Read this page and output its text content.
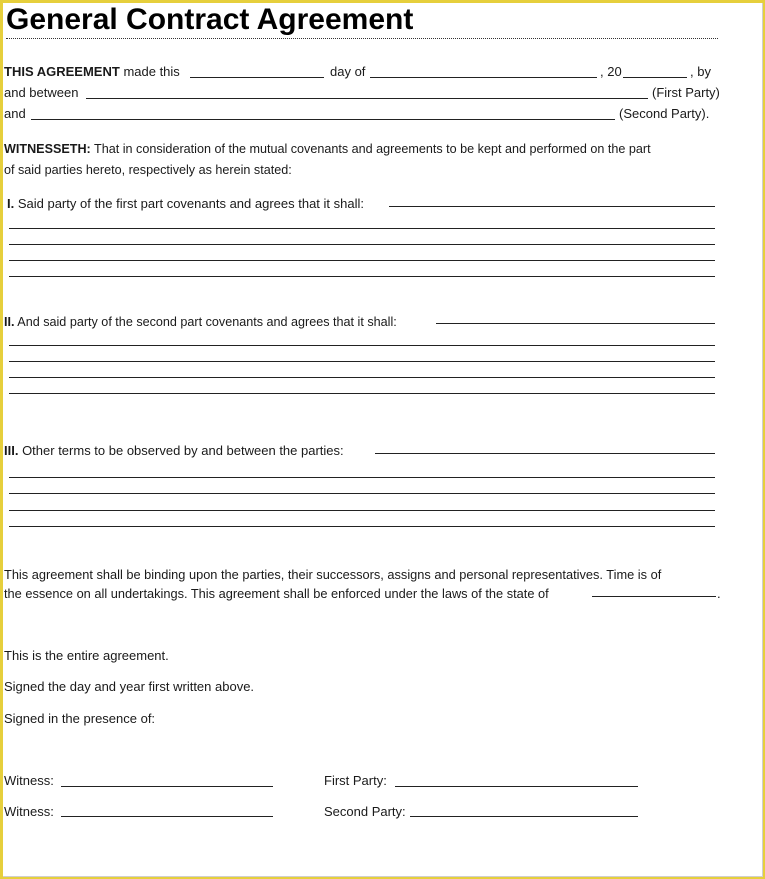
General Contract Agreement
THIS AGREEMENT made this	day of	, 20	, by
and between	(First Party)
and	(Second Party).
WITNESSETH: That in consideration of the mutual covenants and agreements to be kept and performed on the part
of said parties hereto, respectively as herein stated:
I. Said party of the first part covenants and agrees that it shall:
II. And said party of the second part covenants and agrees that it shall:
III. Other terms to be observed by and between the parties:
This agreement shall be binding upon the parties, their successors, assigns and personal representatives. Time is of
the essence on all undertakings. This agreement shall be enforced under the laws of the state of	.
This is the entire agreement.
Signed the day and year first written above.
Signed in the presence of:
Witness:	First Party:
Witness:	Second Party:
